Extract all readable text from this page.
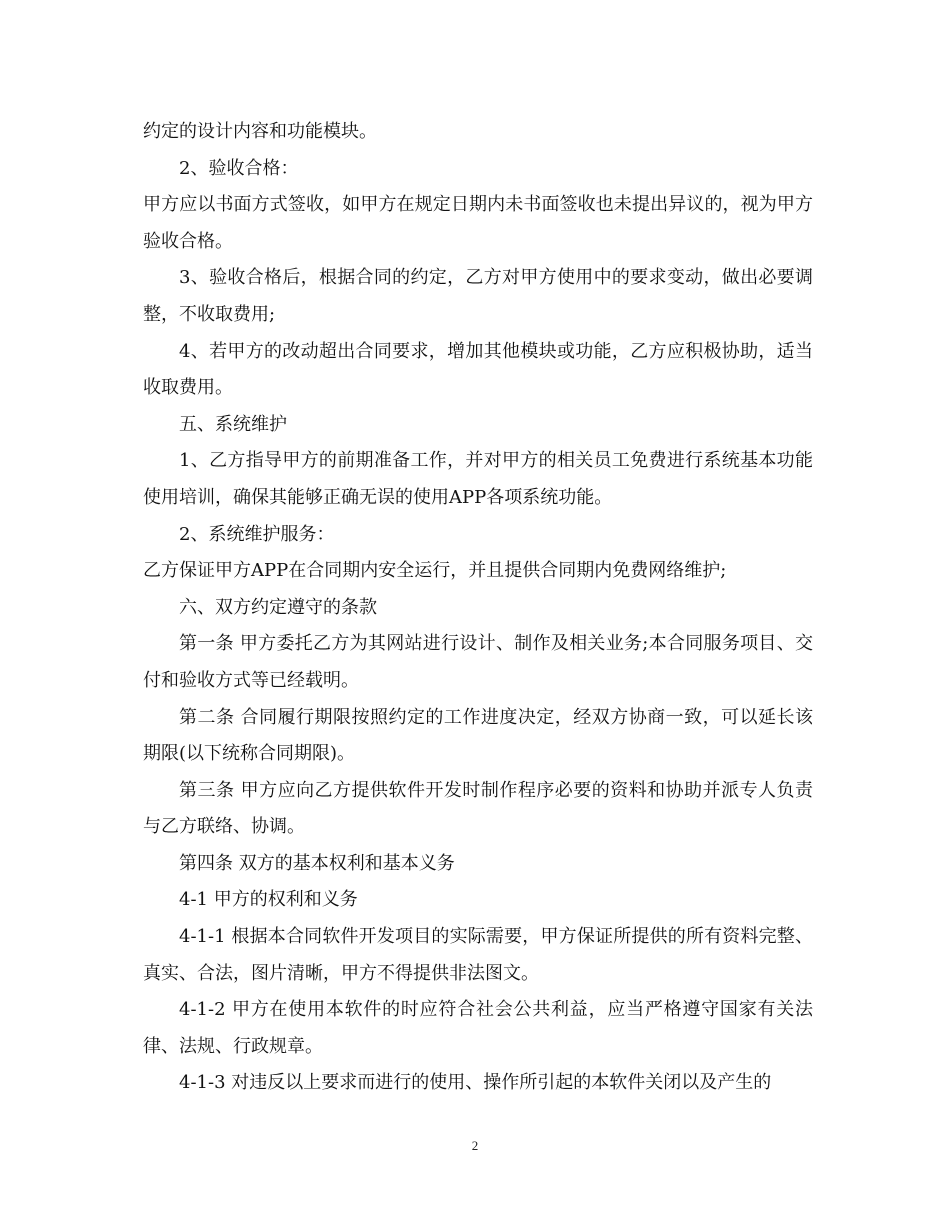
约定的设计内容和功能模块。

2、验收合格：

甲方应以书面方式签收，如甲方在规定日期内未书面签收也未提出异议的，视为甲方验收合格。

3、验收合格后，根据合同的约定，乙方对甲方使用中的要求变动，做出必要调整，不收取费用;

4、若甲方的改动超出合同要求，增加其他模块或功能，乙方应积极协助，适当收取费用。

五、系统维护

1、乙方指导甲方的前期准备工作，并对甲方的相关员工免费进行系统基本功能使用培训，确保其能够正确无误的使用APP各项系统功能。

2、系统维护服务：

乙方保证甲方APP在合同期内安全运行，并且提供合同期内免费网络维护;

六、双方约定遵守的条款

第一条 甲方委托乙方为其网站进行设计、制作及相关业务;本合同服务项目、交付和验收方式等已经载明。

第二条 合同履行期限按照约定的工作进度决定，经双方协商一致，可以延长该期限(以下统称合同期限)。

第三条 甲方应向乙方提供软件开发时制作程序必要的资料和协助并派专人负责与乙方联络、协调。

第四条 双方的基本权利和基本义务

4-1 甲方的权利和义务

4-1-1 根据本合同软件开发项目的实际需要，甲方保证所提供的所有资料完整、真实、合法，图片清晰，甲方不得提供非法图文。

4-1-2 甲方在使用本软件的时应符合社会公共利益，应当严格遵守国家有关法律、法规、行政规章。

4-1-3 对违反以上要求而进行的使用、操作所引起的本软件关闭以及产生的

2
